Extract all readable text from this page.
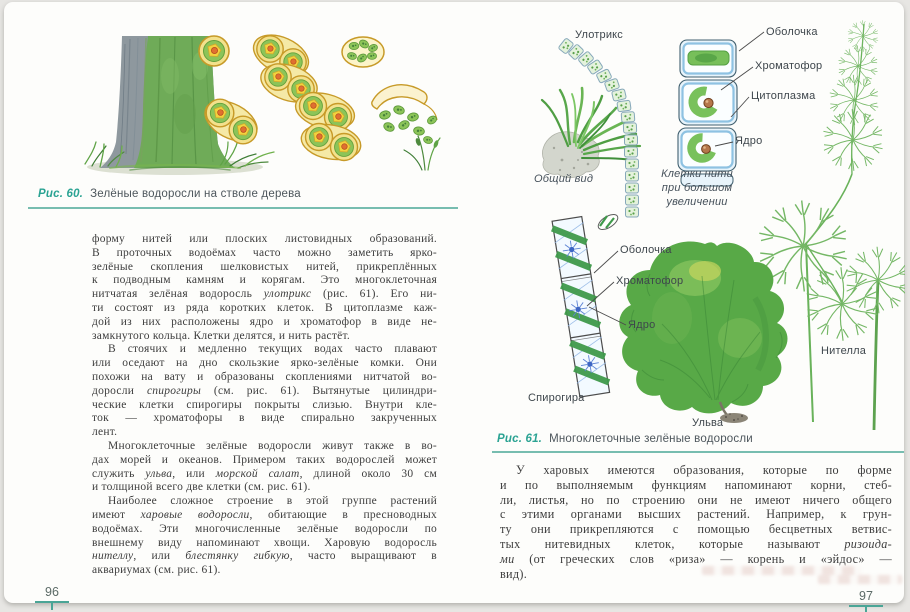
Рис. 60. Зелёные водоросли на стволе дерева
форму нитей или плоских листовидных образований.
В проточных водоёмах часто можно заметить ярко-
зелёные скопления шелковистых нитей, прикреплённых
к подводным камням и корягам. Это многоклеточная
нитчатая зелёная водоросль улотрикс (рис. 61). Его ни-
ти состоят из ряда коротких клеток. В цитоплазме каж-
дой из них расположены ядро и хроматофор в виде не-
замкнутого кольца. Клетки делятся, и нить растёт.
В стоячих и медленно текущих водах часто плавают
или оседают на дно скользкие ярко-зелёные комки. Они
похожи на вату и образованы скоплениями нитчатой во-
доросли спирогиры (см. рис. 61). Вытянутые цилиндри-
ческие клетки спирогиры покрыты слизью. Внутри кле-
ток — хроматофоры в виде спирально закрученных
лент.
Многоклеточные зелёные водоросли живут также в во-
дах морей и океанов. Примером таких водорослей может
служить ульва, или морской салат, длиной около 30 см
и толщиной всего две клетки (см. рис. 61).
Наиболее сложное строение в этой группе растений
имеют харовые водоросли, обитающие в пресноводных
водоёмах. Эти многочисленные зелёные водоросли по
внешнему виду напоминают хвощи. Харовую водоросль
нителлу, или блестянку гибкую, часто выращивают в
аквариумах (см. рис. 61).
96
Улотрикс	Оболочка
Хроматофор
Цитоплазма
Ядро
Общий вид	Клетки нити
при большом
увеличении
Оболочка
Хроматофор
Ядро
Спирогира
Ульва
Нителла
Рис. 61. Многоклеточные зелёные водоросли
У харовых имеются образования, которые по форме
и по выполняемым функциям напоминают корни, стеб-
ли, листья, но по строению они не имеют ничего общего
с этими органами высших растений. Например, к грун-
ту они прикрепляются с помощью бесцветных ветвис-
тых нитевидных клеток, которые называют ризоида-
ми (от греческих слов «риза» — корень и «эйдос» —
вид).
97
